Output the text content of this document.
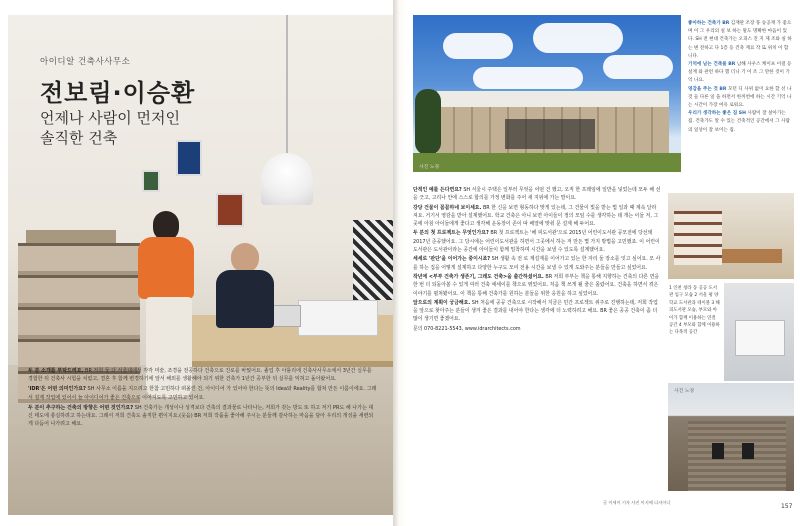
아이디알 건축사사무소
전보림·이승환
언제나 사람이 먼저인
솔직한 건축

두 분 소개를 부탁드려요. BR 저희 둘 다 서울대에서 각각 미술, 조경을 전공하다 건축으로 진로를 바꿨어요. 졸업 후 아틀리에 건축사사무소에서 3년간 실무를 경험한 뒤 건축사 시험을 치렀고, 결혼 후 함께 변경하기에 앞서 해외를 생활해야 되기 위한 건축가 1년간 공부한 뒤 실무를 익혀고 돌아왔어요.

'IDR'은 어떤 의미인가요? SH 사무소 이름을 지으려고 한참 고민하다 떠올린 건, 아이디어 가 있어야 한다는 뜻의 Idea와 Reality를 합쳐 만든 이름이에요. 그래서 설계 작업에 있어서 늘 아이디어가 좋은 건축으로 이어지도록 고민하고 있어요.

두 분이 추구하는 건축의 방향은 어떤 것인가요? SH 건축가는 개성이나 성격보다 건축의 결과물로 나타나는, 저희가 갖는 방도 또 하고 저기 PR도 해 나가는 대신 태도에 충실하려고 하는데요. 그래서 저희 건축도 솔직한 편이지요.(웃음) BR 저희 작품을 좋아해 주시는 분들께 감사하는 마음을 담아 우리의 개성을 세련되게 다듬어 나가려고 해요.

사진 노경

좋아하는 건축가 BR 김재관 조장 풍 승공재 가 좋으며 이 그 우리의 실 보 하는 말도 명확한 마음이 있다. SH 전 현대 건축가는 오피스 진 지 제 조와 실 하는 변 전하고 다 1층 등 건축 재료 작 또 위치 이 합니다.

기억에 남는 건축물 BR 남해 사우스 케이프 이걸 등 설계 와 관련 하다 했 더니 기 이 조 그 만한 것이 기억 나요.

영감을 주는 것 BR 모던 디 사위 없이 요한 할 선 나 것 들 다른 일 을 하면서 한꺼번에 하는 시간 기억 나는 시간이 가장 여유 로워요.

우리가 생각하는 좋은 집 SH 사람이 잘 살아가는 집. 건축가도 알 수 있는 건축적인 공간에서 그 사람의 일상이 잘 보이는 집.

단적인 예를 든다면요? SH 서울시 주택은 일부러 무엇을 어떤 건 했고, 오직 한 프레임에 일반을 넣었는데 모두 해 선을 긋고, 고리나 안에 스스로 합의를 가정 변화를 주어 새 지위에 가는 말이요.

강당 건물이 꼼꼼하네 보이세요. BR 한 신을 보면 형동하다 맞게 있는데, 그 건물이 빛을 받는 법 일과 때 계속 달라져요. 거기서 영감을 받아 설계했어요. 학교 건축은 아니 보면 아이들이 정의 모임 수를 생각하는 데 개는 이들 저, 그곳에 아침 아이들에게 좋다고 생각해 운동장이 존이 따 배열에 맞춰 문 설계 해 두어요.

두 분의 첫 프로젝트는 무엇인가요? BR 첫 프로젝트는 '해 피도서관'으로 2015년 어린이도서관 공모전에 당선돼 2017년 준공했어요. 그 당시에는 어린이도서관을 하면서 그곳에서 하는 저 만든 몇 가지 방법을 고민했죠. 이 어린이 도서관은 도서관이라는 공간에 아이들이 함께 밀착하며 시간을 보낼 수 있도록 설계했어요.

세세로 '판단'을 이어가는 중이시죠? SH 생활 속 전 로 계설계를 이어가고 있는 한 자리 둘 장소를 잇고 싶어요. 모 사를 하는 집을 어떻게 설계하고 다양한 누구도 모여 전용 시간을 보낼 수 있게 도와주는 분들을 만들고 싶었어요.

작년에 <부부 건축가 생존기, 그래도 건축>을 출간하셨어요. BR 저희 부부는 책을 통해 지향하는 건축의 다른 면을 한 번 더 되돌아볼 수 있게 여러 건축 에세이를 책으로 엮었어요. 처음 책 쓰게 될 줄은 몰랐어요. 건축을 하면서 겪은 이야기를 펼쳐봤어요. 이 책을 통해 건축가를 원하는 분들을 위한 응원을 하고 싶었어요.

앞으로의 계획이 궁금해요. SH 처음에 공공 건축으로 시작해서 지금은 민간 프로젝트 위주로 진행하는데, 저희 작업을 앞으로 찾아주는 분들이 생겨 좋은 결과를 내어야 한다는 생각에 더 노력하려고 해요. BR 좋은 공공 건축이 좀 더 많이 생기면 좋겠어요.

문의 070-8221-5543, www.idrarchitects.com

1 인천 청라 동 공공 도서관 입구 모습 2 서울 평 양 학교 도서관과 테이블 3 해피도서관 모습, 부모와 아이가 함께 이용하는 연결 공간 4 부모와 함께 이용하는 다목적 공간
사진 노경
글 이세이 기자 사진 이지에 디자이너
157
